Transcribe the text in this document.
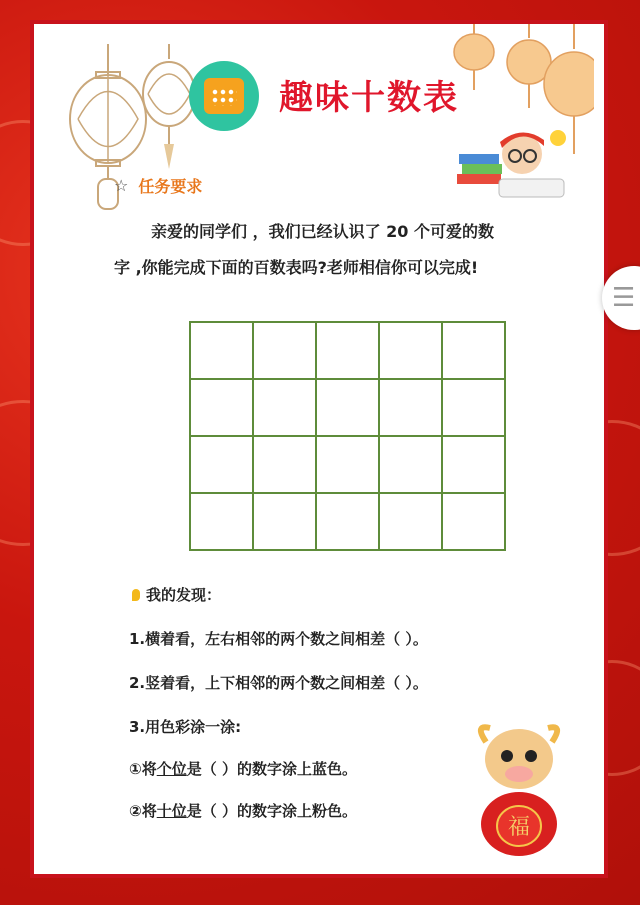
趣味十数表
☆ 任务要求
亲爱的同学们 ，我们已经认识了 20 个可爱的数
字 ,你能完成下面的百数表吗?老师相信你可以完成!

我的发现：
1.横着看，左右相邻的两个数之间相差（ ）。
2.竖着看，上下相邻的两个数之间相差（ ）。
3.用色彩涂一涂:
①将个位是（ ）的数字涂上蓝色。
②将十位是（ ）的数字涂上粉色。
福
☰
